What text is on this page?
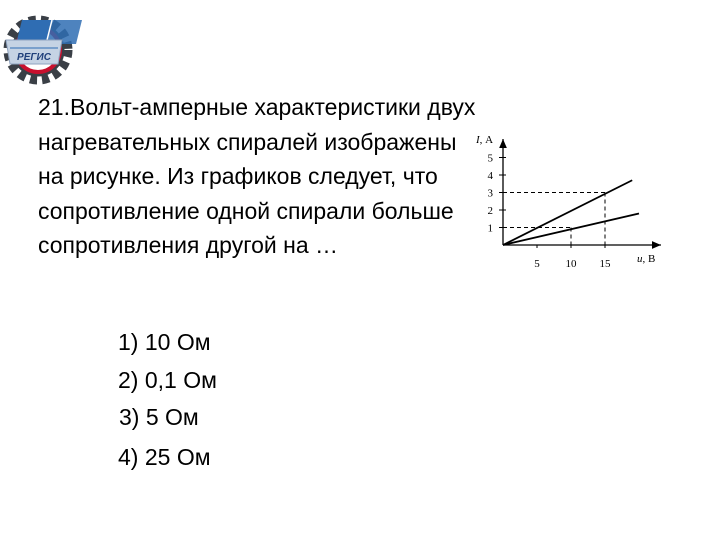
РЕГИС

21.Вольт-амперные характеристики двух нагревательных спиралей изображены на рисунке. Из графиков следует, что сопротивление одной спирали больше сопротивления другой на …

1) 10 Ом
2) 0,1 Ом
3) 5 Ом
4) 25 Ом
I, А
u, В
5 10 15
1
2
3
4
5
